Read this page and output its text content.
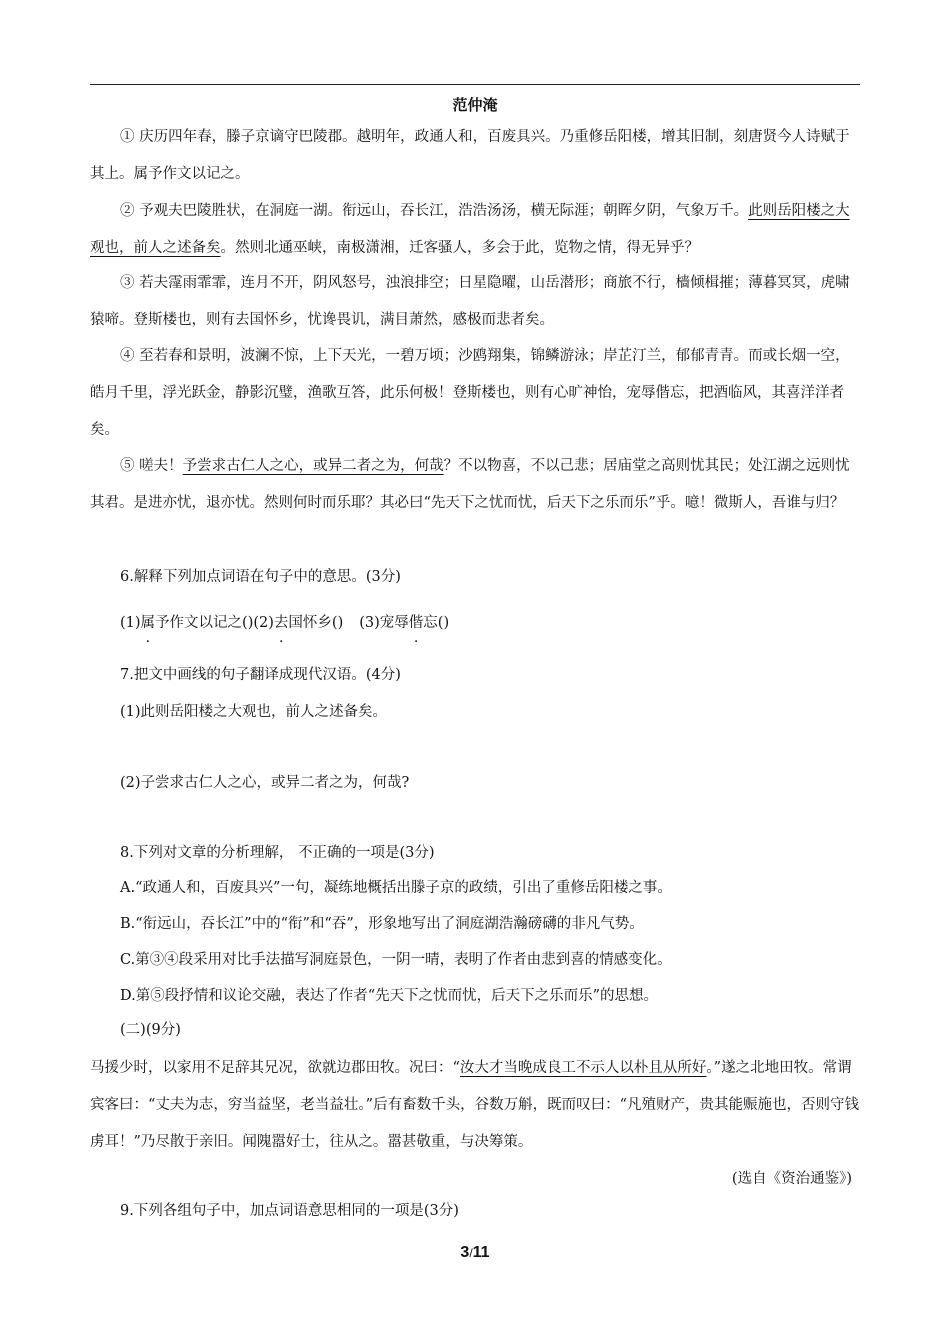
范仲淹
① 庆历四年春，滕子京谪守巴陵郡。越明年，政通人和，百废具兴。乃重修岳阳楼，增其旧制，刻唐贤今人诗赋于其上。属予作文以记之。
② 予观夫巴陵胜状，在洞庭一湖。衔远山，吞长江，浩浩汤汤，横无际涯；朝晖夕阴，气象万千。此则岳阳楼之大观也，前人之述备矣。然则北通巫峡，南极潇湘，迁客骚人，多会于此，览物之情，得无异乎？
③ 若夫霪雨霏霏，连月不开，阴风怒号，浊浪排空；日星隐曜，山岳潜形；商旅不行，樯倾楫摧；薄暮冥冥，虎啸猿啼。登斯楼也，则有去国怀乡，忧谗畏讥，满目萧然，感极而悲者矣。
④ 至若春和景明，波澜不惊，上下天光，一碧万顷；沙鸥翔集，锦鳞游泳；岸芷汀兰，郁郁青青。而或长烟一空，皓月千里，浮光跃金，静影沉璧，渔歌互答，此乐何极！登斯楼也，则有心旷神怡，宠辱偕忘，把酒临风，其喜洋洋者矣。
⑤ 嗟夫！予尝求古仁人之心，或异二者之为，何哉？不以物喜，不以己悲；居庙堂之高则忧其民；处江湖之远则忧其君。是进亦忧，退亦忧。然则何时而乐耶？其必曰“先天下之忧而忧，后天下之乐而乐”乎。噫！微斯人，吾谁与归？
6.解释下列加点词语在句子中的意思。(3分)
(1)属予作文以记之()(2)去国怀乡() (3)宠辱偕忘()
7.把文中画线的句子翻译成现代汉语。(4分)
(1)此则岳阳楼之大观也，前人之述备矣。
(2)子尝求古仁人之心，或异二者之为，何哉?
8.下列对文章的分析理解， 不正确的一项是(3分)
A.“政通人和，百废具兴”一句，凝练地概括出滕子京的政绩，引出了重修岳阳楼之事。
B.“衔远山，吞长江”中的“衔”和“吞”，形象地写出了洞庭湖浩瀚磅礴的非凡气势。
C.第③④段采用对比手法描写洞庭景色，一阴一晴，表明了作者由悲到喜的情感变化。
D.第⑤段抒情和议论交融，表达了作者“先天下之忧而忧，后天下之乐而乐”的思想。
(二)(9分)
马援少时，以家用不足辞其兄况，欲就边郡田牧。况曰：“汝大才当晚成良工不示人以朴且从所好。”遂之北地田牧。常谓宾客曰：“丈夫为志，穷当益坚，老当益壮。”后有畜数千头，谷数万斛，既而叹曰：“凡殖财产，贵其能赈施也，否则守钱虏耳！”乃尽散于亲旧。闻隗嚣好士，往从之。嚣甚敬重，与决筹策。
(选自《资治通鉴》)
9.下列各组句子中，加点词语意思相同的一项是(3分)
3/11
